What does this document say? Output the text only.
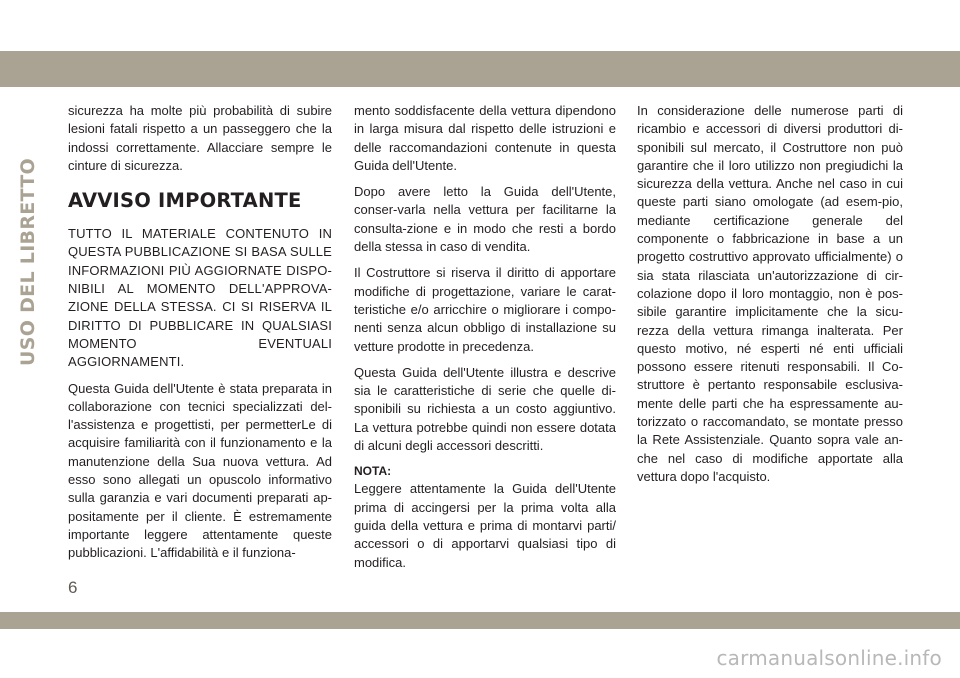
USO DEL LIBRETTO

sicurezza ha molte più probabilità di subire lesioni fatali rispetto a un passeggero che la indossi correttamente. Allacciare sempre le cinture di sicurezza.

AVVISO IMPORTANTE

TUTTO IL MATERIALE CONTENUTO IN QUESTA PUBBLICAZIONE SI BASA SULLE INFORMAZIONI PIÙ AGGIORNATE DISPO-NIBILI AL MOMENTO DELL'APPROVA-ZIONE DELLA STESSA. CI SI RISERVA IL DIRITTO DI PUBBLICARE IN QUALSIASI MOMENTO EVENTUALI AGGIORNAMENTI.

Questa Guida dell'Utente è stata preparata in collaborazione con tecnici specializzati del-l'assistenza e progettisti, per permetterLe di acquisire familiarità con il funzionamento e la manutenzione della Sua nuova vettura. Ad esso sono allegati un opuscolo informativo sulla garanzia e vari documenti preparati ap-positamente per il cliente. È estremamente importante leggere attentamente queste pubblicazioni. L'affidabilità e il funziona-

mento soddisfacente della vettura dipendono in larga misura dal rispetto delle istruzioni e delle raccomandazioni contenute in questa Guida dell'Utente.

Dopo avere letto la Guida dell'Utente, conser-varla nella vettura per facilitarne la consulta-zione e in modo che resti a bordo della stessa in caso di vendita.

Il Costruttore si riserva il diritto di apportare modifiche di progettazione, variare le carat-teristiche e/o arricchire o migliorare i compo-nenti senza alcun obbligo di installazione su vetture prodotte in precedenza.

Questa Guida dell'Utente illustra e descrive sia le caratteristiche di serie che quelle di-sponibili su richiesta a un costo aggiuntivo. La vettura potrebbe quindi non essere dotata di alcuni degli accessori descritti.

NOTA:

Leggere attentamente la Guida dell'Utente prima di accingersi per la prima volta alla guida della vettura e prima di montarvi parti/ accessori o di apportarvi qualsiasi tipo di modifica.

In considerazione delle numerose parti di ricambio e accessori di diversi produttori di-sponibili sul mercato, il Costruttore non può garantire che il loro utilizzo non pregiudichi la sicurezza della vettura. Anche nel caso in cui queste parti siano omologate (ad esem-pio, mediante certificazione generale del componente o fabbricazione in base a un progetto costruttivo approvato ufficialmente) o sia stata rilasciata un'autorizzazione di cir-colazione dopo il loro montaggio, non è pos-sibile garantire implicitamente che la sicu-rezza della vettura rimanga inalterata. Per questo motivo, né esperti né enti ufficiali possono essere ritenuti responsabili. Il Co-struttore è pertanto responsabile esclusiva-mente delle parti che ha espressamente au-torizzato o raccomandato, se montate presso la Rete Assistenziale. Quanto sopra vale an-che nel caso di modifiche apportate alla vettura dopo l'acquisto.

6
carmanualsonline.info
